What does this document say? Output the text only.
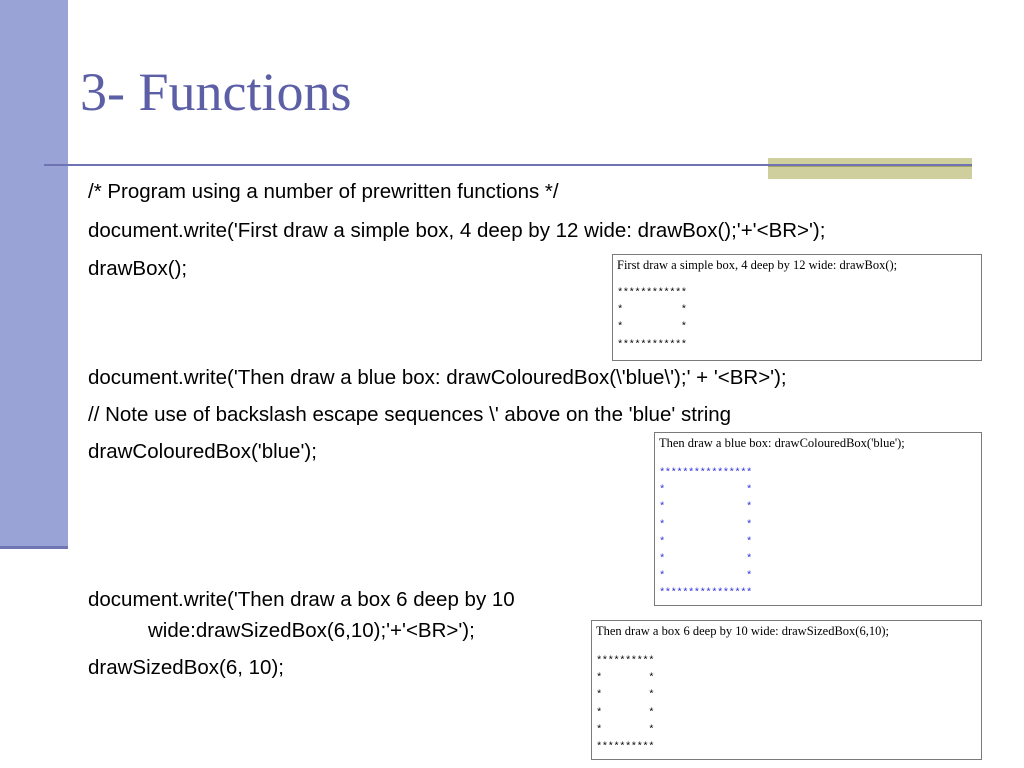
3- Functions

/* Program using a number of prewritten functions */

document.write('First draw a simple box, 4 deep by 12 wide: drawBox();'+'<BR>');

drawBox();

document.write('Then draw a blue box: drawColouredBox(\'blue\');' + '<BR>');

// Note use of backslash escape sequences \' above on the 'blue' string

drawColouredBox('blue');

document.write('Then draw a box 6 deep by 10

wide:drawSizedBox(6,10);'+'<BR>');

drawSizedBox(6, 10);

First draw a simple box, 4 deep by 12 wide: drawBox();
************
*          *
*          *
************
Then draw a blue box: drawColouredBox('blue');
****************
*              *
*              *
*              *
*              *
*              *
*              *
****************
Then draw a box 6 deep by 10 wide: drawSizedBox(6,10);
**********
*        *
*        *
*        *
*        *
**********
